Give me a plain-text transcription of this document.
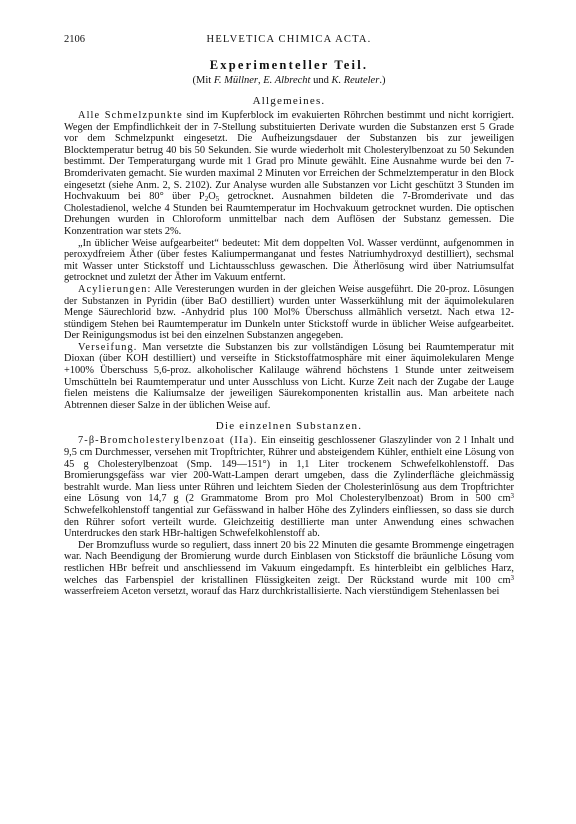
2106	HELVETICA CHIMICA ACTA.
Experimenteller Teil.
(Mit F. Müllner, E. Albrecht und K. Reuteler.)
Allgemeines.

Alle Schmelzpunkte sind im Kupferblock im evakuierten Röhrchen bestimmt und nicht korrigiert. Wegen der Empfindlichkeit der in 7-Stellung substituierten Derivate wurden die Substanzen erst 5 Grade vor dem Schmelzpunkt eingesetzt. Die Aufheizungsdauer der Substanzen bis zur jeweiligen Blocktemperatur betrug 40 bis 50 Sekunden. Sie wurde wiederholt mit Cholesterylbenzoat zu 50 Sekunden bestimmt. Der Temperaturgang wurde mit 1 Grad pro Minute gewählt. Eine Ausnahme wurde bei den 7-Bromderivaten gemacht. Sie wurden maximal 2 Minuten vor Erreichen der Schmelztemperatur in den Block eingesetzt (siehe Anm. 2, S. 2102). Zur Analyse wurden alle Substanzen vor Licht geschützt 3 Stunden im Hochvakuum bei 80° über $P_2O_5$ getrocknet. Ausnahmen bildeten die 7-Bromderivate und das Cholestadienol, welche 4 Stunden bei Raumtemperatur im Hochvakuum getrocknet wurden. Die optischen Drehungen wurden in Chloroform unmittelbar nach dem Auflösen der Substanz gemessen. Die Konzentration war stets 2%.

„In üblicher Weise aufgearbeitet“ bedeutet: Mit dem doppelten Vol. Wasser verdünnt, aufgenommen in peroxydfreiem Äther (über festes Kaliumpermanganat und festes Natriumhydroxyd destilliert), sechsmal mit Wasser unter Stickstoff und Lichtausschluss gewaschen. Die Ätherlösung wird über Natriumsulfat getrocknet und zuletzt der Äther im Vakuum entfernt.

Acylierungen: Alle Veresterungen wurden in der gleichen Weise ausgeführt. Die 20-proz. Lösungen der Substanzen in Pyridin (über BaO destilliert) wurden unter Wasserkühlung mit der äquimolekularen Menge Säurechlorid bzw. -Anhydrid plus 100 Mol% Überschuss allmählich versetzt. Nach etwa 12-stündigem Stehen bei Raumtemperatur im Dunkeln unter Stickstoff wurde in üblicher Weise aufgearbeitet. Der Reinigungsmodus ist bei den einzelnen Substanzen angegeben.

Verseifung. Man versetzte die Substanzen bis zur vollständigen Lösung bei Raumtemperatur mit Dioxan (über KOH destilliert) und verseifte in Stickstoffatmosphäre mit einer äquimolekularen Menge +100% Überschuss 5,6-proz. alkoholischer Kalilauge während höchstens 1 Stunde unter zeitweisem Umschütteln bei Raumtemperatur und unter Ausschluss von Licht. Kurze Zeit nach der Zugabe der Lauge fielen meistens die Kaliumsalze der jeweiligen Säurekomponenten kristallin aus. Man arbeitete nach Abtrennen dieser Salze in der üblichen Weise auf.

Die einzelnen Substanzen.

7-β-Bromcholesterylbenzoat (IIa). Ein einseitig geschlossener Glaszylinder von 2 l Inhalt und 9,5 cm Durchmesser, versehen mit Tropftrichter, Rührer und absteigendem Kühler, enthielt eine Lösung von 45 g Cholesterylbenzoat (Smp. 149—151°) in 1,1 Liter trockenem Schwefelkohlenstoff. Das Bromierungsgefäss war vier 200-Watt-Lampen derart umgeben, dass die Zylinderfläche gleichmässig bestrahlt wurde. Man liess unter Rühren und leichtem Sieden der Cholesterinlösung aus dem Tropftrichter eine Lösung von 14,7 g (2 Grammatome Brom pro Mol Cholesterylbenzoat) Brom in 500 $cm^3$ Schwefelkohlenstoff tangential zur Gefässwand in halber Höhe des Zylinders einfliessen, so dass sie durch den Rührer sofort verteilt wurde. Gleichzeitig destillierte man unter Anwendung eines schwachen Unterdruckes den stark HBr-haltigen Schwefelkohlenstoff ab.

Der Bromzufluss wurde so reguliert, dass innert 20 bis 22 Minuten die gesamte Brommenge eingetragen war. Nach Beendigung der Bromierung wurde durch Einblasen von Stickstoff die bräunliche Lösung vom restlichen HBr befreit und anschliessend im Vakuum eingedampft. Es hinterbleibt ein gelbliches Harz, welches das Farbenspiel der kristallinen Flüssigkeiten zeigt. Der Rückstand wurde mit 100 $cm^3$ wasserfreiem Aceton versetzt, worauf das Harz durchkristallisierte. Nach vierstündigem Stehenlassen bei
